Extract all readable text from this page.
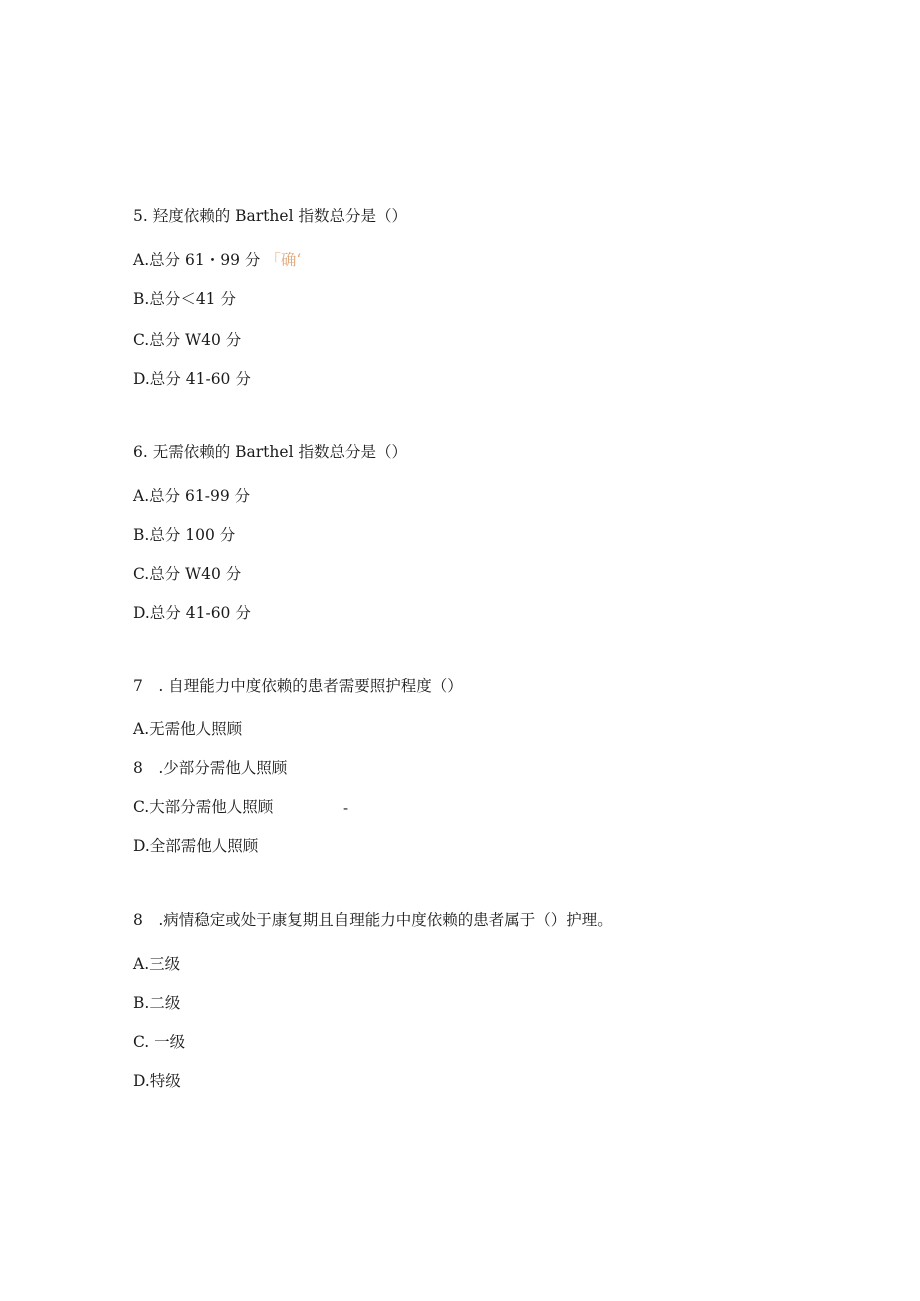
5. 羟度依赖的 Barthel 指数总分是（）
A.总分 61・99 分 「确‘
B.总分＜41 分
C.总分 W40 分
D.总分 41-60 分
6. 无需依赖的 Barthel 指数总分是（）
A.总分 61-99 分
B.总分 100 分
C.总分 W40 分
D.总分 41-60 分
7　. 自理能力中度依赖的患者需要照护程度（）
A.无需他人照顾
8　.少部分需他人照顾
C.大部分需他人照顾	-
D.全部需他人照顾
8　.病情稳定或处于康复期且自理能力中度依赖的患者属于（）护理。
A.三级
B.二级
C. 一级
D.特级
